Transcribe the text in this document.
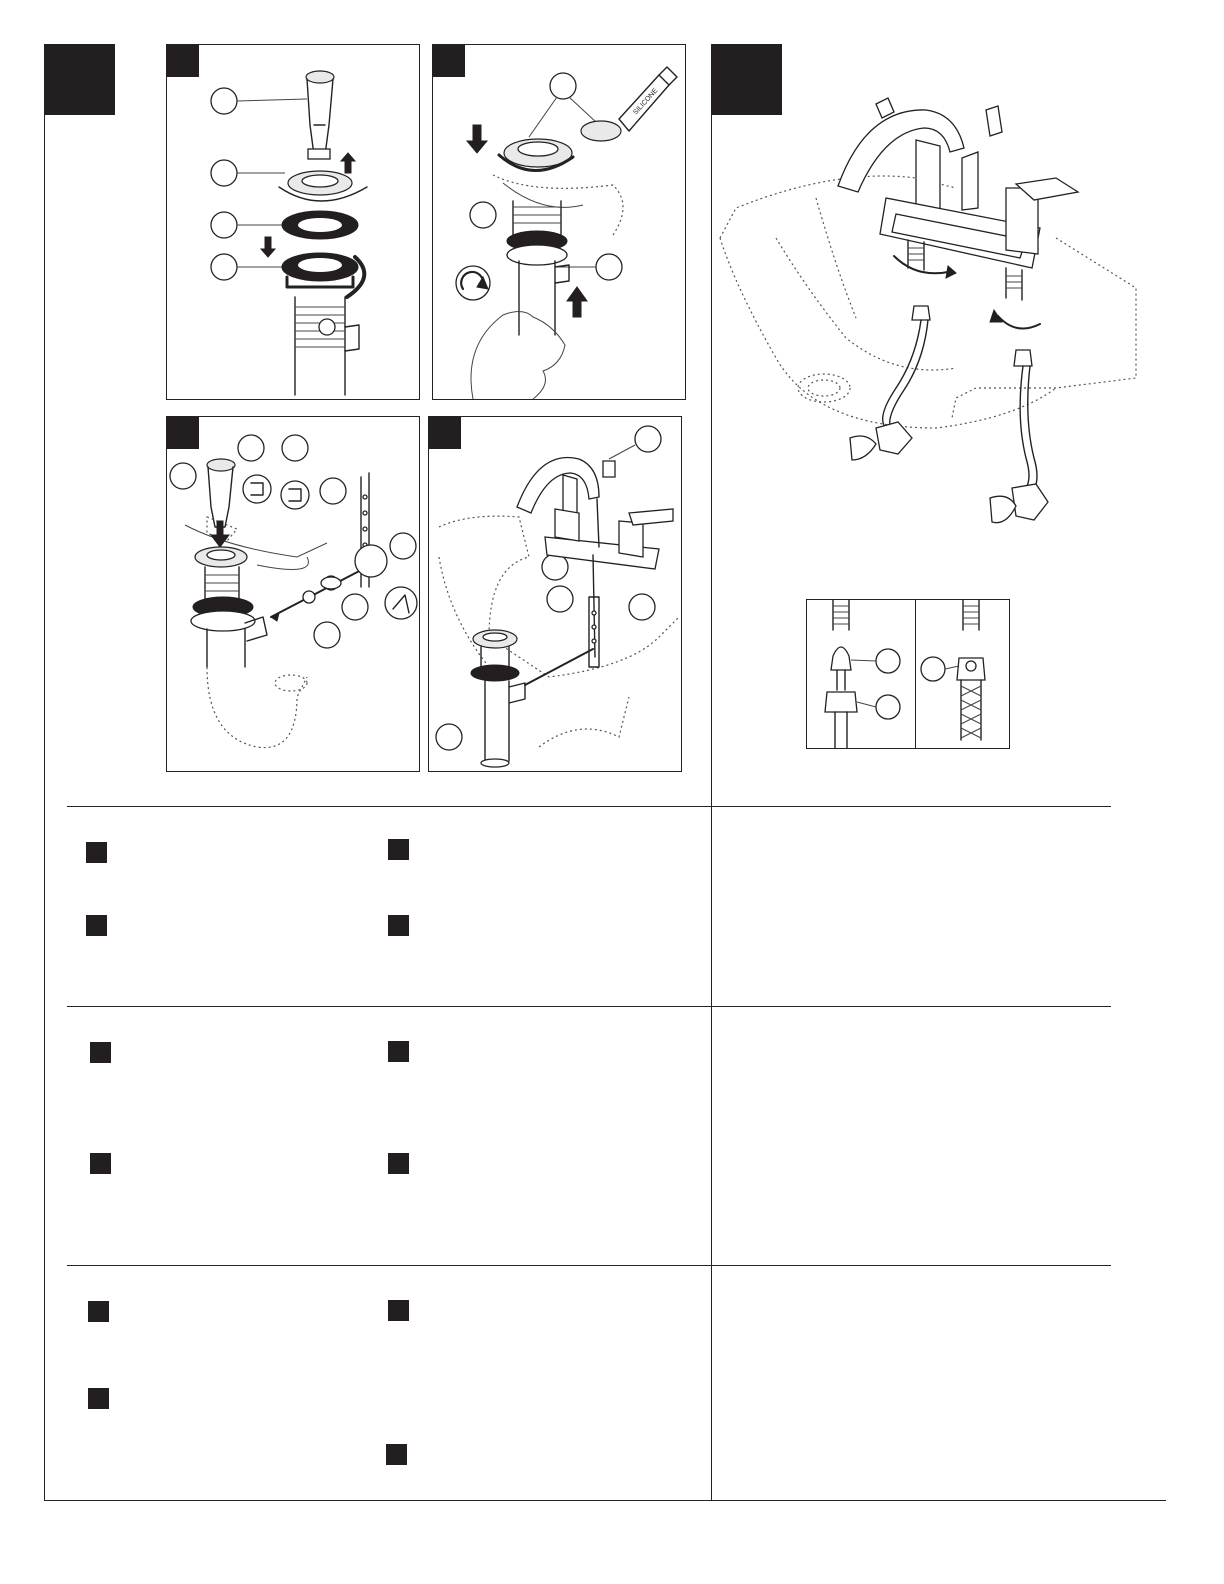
SILICONE
